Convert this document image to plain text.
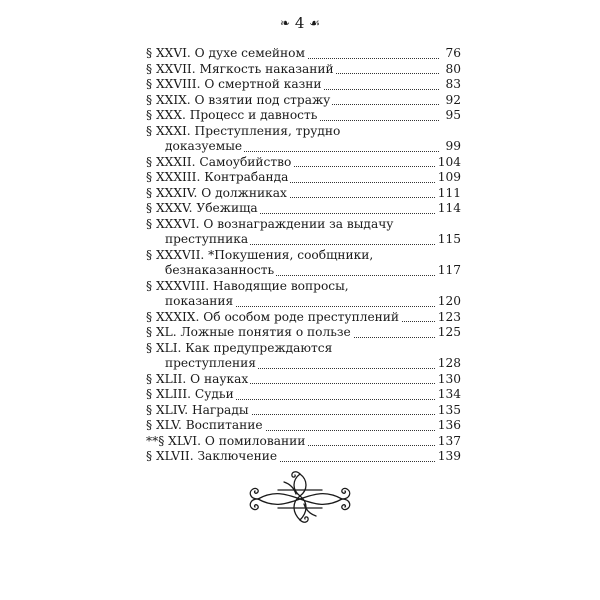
❧ 4 ☙
§ XXVI. О духе семейном	76
§ XXVII. Мягкость наказаний	80
§ XXVIII. О смертной казни	83
§ XXIX. О взятии под стражу	92
§ XXX. Процесс и давность	95
§ XXXI. Преступления, трудно
доказуемые	99
§ XXXII. Самоубийство	104
§ XXXIII. Контрабанда	109
§ XXXIV. О должниках	111
§ XXXV. Убежища	114
§ XXXVI. О вознаграждении за выдачу
преступника	115
§ XXXVII. *Покушения, сообщники,
безнаказанность	117
§ XXXVIII. Наводящие вопросы,
показания	120
§ XXXIX. Об особом роде преступлений	123
§ XL. Ложные понятия о пользе	125
§ XLI. Как предупреждаются
преступления	128
§ XLII. О науках	130
§ XLIII. Судьи	134
§ XLIV. Награды	135
§ XLV. Воспитание	136
**§ XLVI. О помиловании	137
§ XLVII. Заключение	139
